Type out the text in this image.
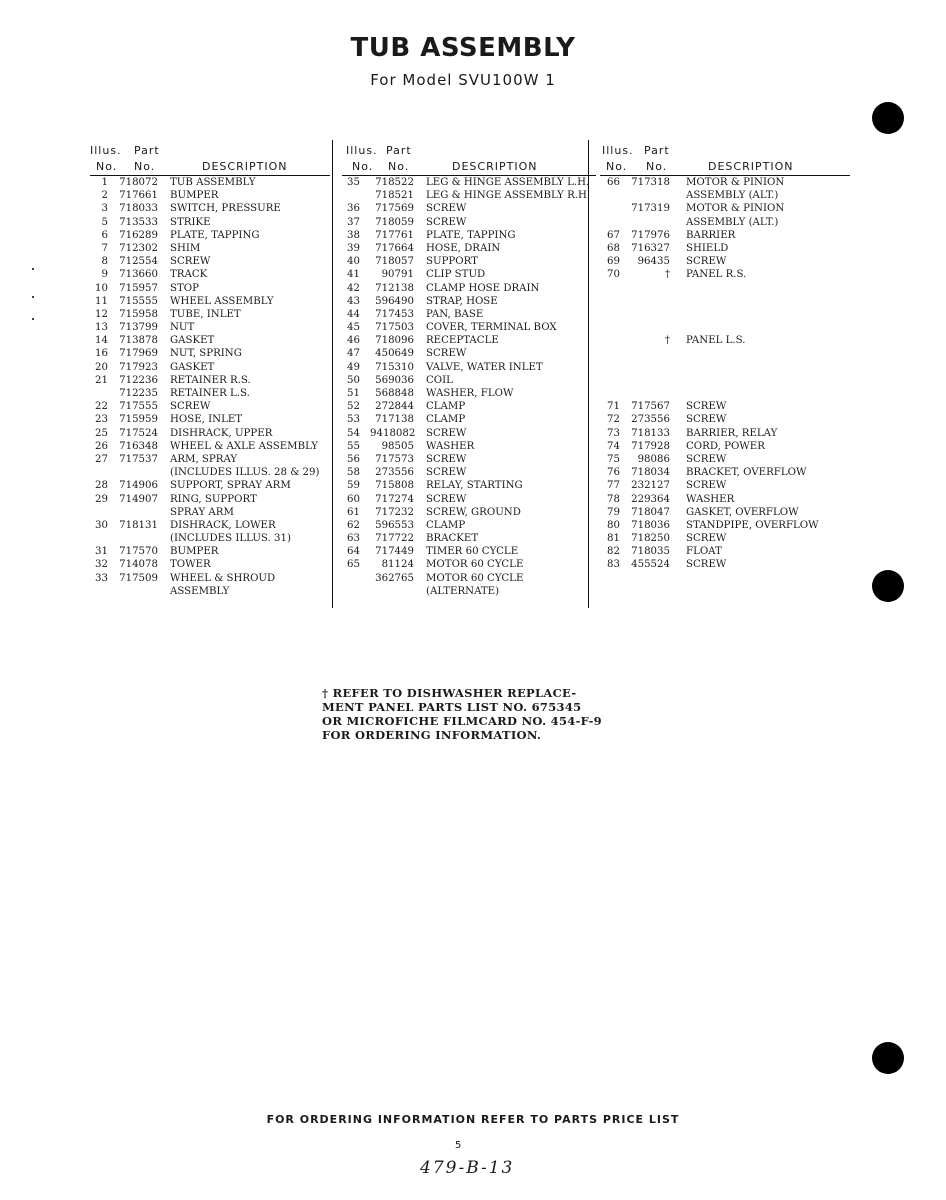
TUB ASSEMBLY
For Model SVU100W 1
Illus. Part
No. No.	DESCRIPTION
1	718072 TUB ASSEMBLY
2	717661 BUMPER
3	718033 SWITCH, PRESSURE
5	713533 STRIKE
6	716289 PLATE, TAPPING
7	712302 SHIM
8	712554 SCREW
9	713660 TRACK
10	715957 STOP
11	715555 WHEEL ASSEMBLY
12	715958 TUBE, INLET
13	713799 NUT
14	713878 GASKET
16	717969 NUT, SPRING
20	717923 GASKET
21	712236 RETAINER R.S.
712235 RETAINER L.S.
22	717555 SCREW
23	715959 HOSE, INLET
25	717524 DISHRACK, UPPER
26	716348 WHEEL & AXLE ASSEMBLY
27	717537 ARM, SPRAY
(INCLUDES ILLUS. 28 & 29)
28	714906 SUPPORT, SPRAY ARM
29	714907 RING, SUPPORT
SPRAY ARM
30	718131 DISHRACK, LOWER
(INCLUDES ILLUS. 31)
31	717570 BUMPER
32	714078 TOWER
33	717509 WHEEL & SHROUD
ASSEMBLY
Illus. Part
No. No.	DESCRIPTION
35	718522 LEG & HINGE ASSEMBLY L.H.
718521 LEG & HINGE ASSEMBLY R.H.
36	717569 SCREW
37	718059 SCREW
38	717761 PLATE, TAPPING
39	717664 HOSE, DRAIN
40	718057 SUPPORT
41	90791 CLIP STUD
42	712138 CLAMP HOSE DRAIN
43	596490 STRAP, HOSE
44	717453 PAN, BASE
45	717503 COVER, TERMINAL BOX
46	718096 RECEPTACLE
47	450649 SCREW
49	715310 VALVE, WATER INLET
50	569036 COIL
51	568848 WASHER, FLOW
52	272844 CLAMP
53	717138 CLAMP
54 9418082 SCREW
55	98505 WASHER
56	717573 SCREW
58	273556 SCREW
59	715808 RELAY, STARTING
60	717274 SCREW
61	717232 SCREW, GROUND
62	596553 CLAMP
63	717722 BRACKET
64	717449 TIMER 60 CYCLE
65	81124 MOTOR 60 CYCLE
362765 MOTOR 60 CYCLE
(ALTERNATE)
Illus. Part
No. No.	DESCRIPTION
66	717318 MOTOR & PINION
ASSEMBLY (ALT.)
717319 MOTOR & PINION
ASSEMBLY (ALT.)
67	717976 BARRIER
68	716327 SHIELD
69	96435 SCREW
70	† PANEL R.S.
† PANEL L.S.
71	717567 SCREW
72	273556 SCREW
73	718133 BARRIER, RELAY
74	717928 CORD, POWER
75	98086 SCREW
76	718034 BRACKET, OVERFLOW
77	232127 SCREW
78	229364 WASHER
79	718047 GASKET, OVERFLOW
80	718036 STANDPIPE, OVERFLOW
81	718250 SCREW
82	718035 FLOAT
83	455524 SCREW
† REFER TO DISHWASHER REPLACE-
MENT PANEL PARTS LIST NO. 675345
OR MICROFICHE FILMCARD NO. 454-F-9
FOR ORDERING INFORMATION.
FOR ORDERING INFORMATION REFER TO PARTS PRICE LIST
5
479-B-13
